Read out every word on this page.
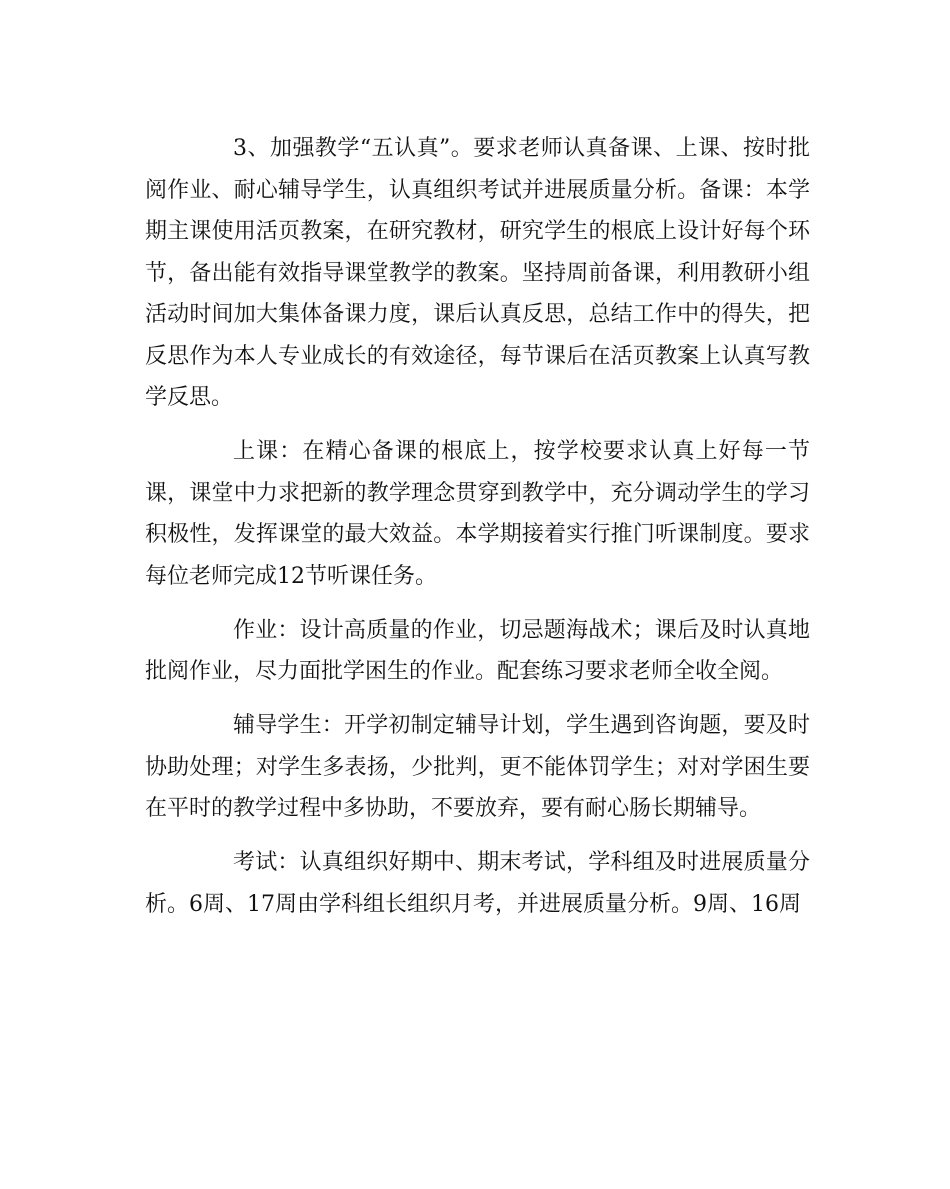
3、加强教学“五认真”。要求老师认真备课、上课、按时批阅作业、耐心辅导学生，认真组织考试并进展质量分析。备课：本学期主课使用活页教案，在研究教材，研究学生的根底上设计好每个环节，备出能有效指导课堂教学的教案。坚持周前备课，利用教研小组活动时间加大集体备课力度，课后认真反思，总结工作中的得失，把反思作为本人专业成长的有效途径，每节课后在活页教案上认真写教学反思。

上课：在精心备课的根底上，按学校要求认真上好每一节课，课堂中力求把新的教学理念贯穿到教学中，充分调动学生的学习积极性，发挥课堂的最大效益。本学期接着实行推门听课制度。要求每位老师完成12节听课任务。

作业：设计高质量的作业，切忌题海战术；课后及时认真地批阅作业，尽力面批学困生的作业。配套练习要求老师全收全阅。

辅导学生：开学初制定辅导计划，学生遇到咨询题，要及时协助处理；对学生多表扬，少批判，更不能体罚学生；对对学困生要在平时的教学过程中多协助，不要放弃，要有耐心肠长期辅导。

考试：认真组织好期中、期末考试，学科组及时进展质量分析。6周、17周由学科组长组织月考，并进展质量分析。9周、16周
